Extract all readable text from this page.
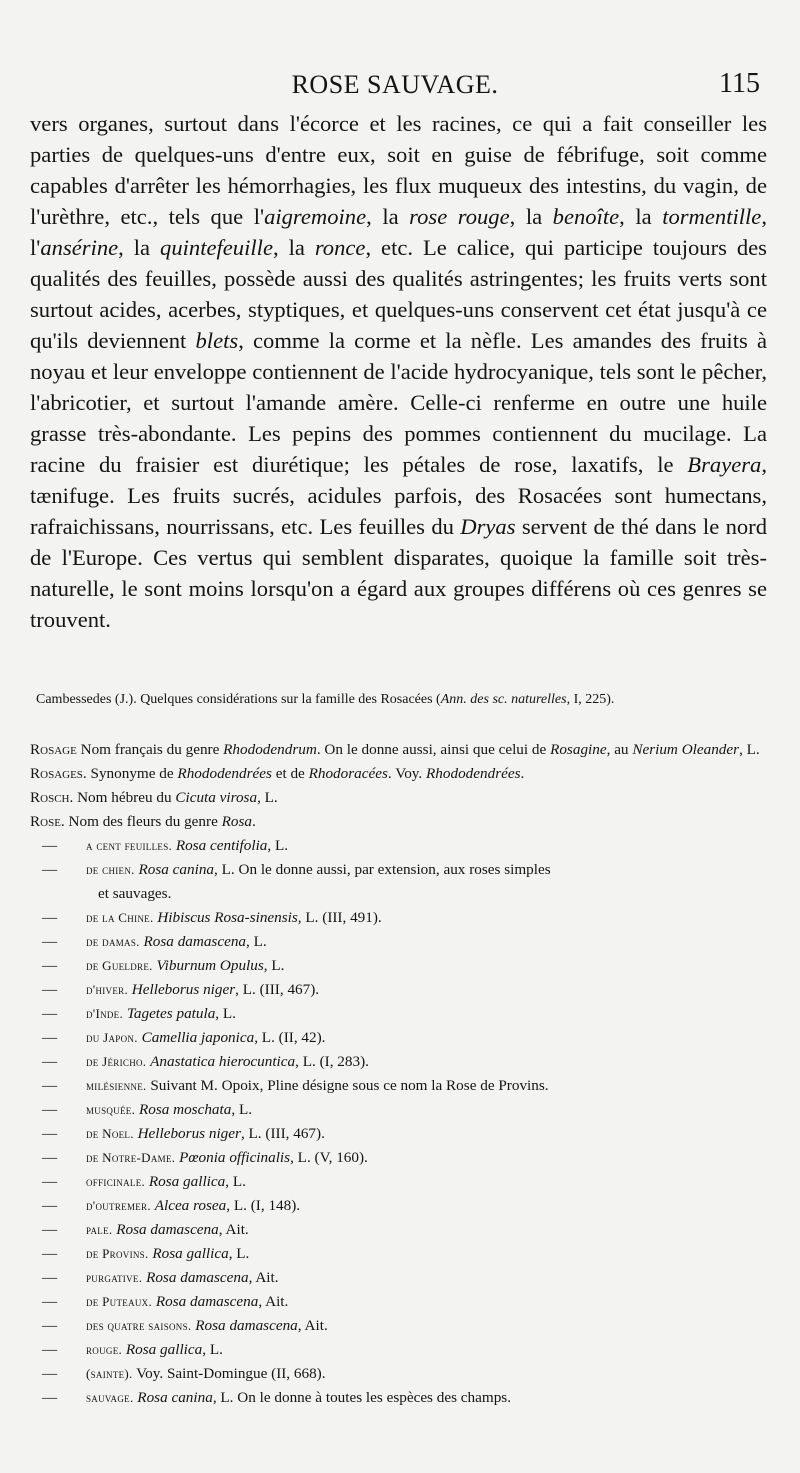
ROSE SAUVAGE.	115

vers organes, surtout dans l'écorce et les racines, ce qui a fait conseiller les parties de quelques-uns d'entre eux, soit en guise de fébrifuge, soit comme capables d'arrêter les hémorrhagies, les flux muqueux des intestins, du vagin, de l'urèthre, etc., tels que l'aigremoine, la rose rouge, la benoîte, la tormentille, l'ansérine, la quintefeuille, la ronce, etc. Le calice, qui participe toujours des qualités des feuilles, possède aussi des qualités astringentes; les fruits verts sont surtout acides, acerbes, styptiques, et quelques-uns conservent cet état jusqu'à ce qu'ils deviennent blets, comme la corme et la nèfle. Les amandes des fruits à noyau et leur enveloppe contiennent de l'acide hydrocyanique, tels sont le pêcher, l'abricotier, et surtout l'amande amère. Celle-ci renferme en outre une huile grasse très-abondante. Les pepins des pommes contiennent du mucilage. La racine du fraisier est diurétique; les pétales de rose, laxatifs, le Brayera, tænifuge. Les fruits sucrés, acidules parfois, des Rosacées sont humectans, rafraichissans, nourrissans, etc. Les feuilles du Dryas servent de thé dans le nord de l'Europe. Ces vertus qui semblent disparates, quoique la famille soit très-naturelle, le sont moins lorsqu'on a égard aux groupes différens où ces genres se trouvent.

Cambessedes (J.). Quelques considérations sur la famille des Rosacées (Ann. des sc. naturelles, I, 225).
Rosage Nom français du genre Rhododendrum. On le donne aussi, ainsi que celui de Rosagine, au Nerium Oleander, L.
Rosages. Synonyme de Rhododendrées et de Rhodoracées. Voy. Rhododendrées.
Rosch. Nom hébreu du Cicuta virosa, L.
Rose. Nom des fleurs du genre Rosa.
— a cent feuilles. Rosa centifolia, L.
— de chien. Rosa canina, L. On le donne aussi, par extension, aux roses simples
et sauvages.
— de la Chine. Hibiscus Rosa-sinensis, L. (III, 491).
— de damas. Rosa damascena, L.
— de Gueldre. Viburnum Opulus, L.
— d'hiver. Helleborus niger, L. (III, 467).
— d'Inde. Tagetes patula, L.
— du Japon. Camellia japonica, L. (II, 42).
— de Jéricho. Anastatica hierocuntica, L. (I, 283).
— milésienne. Suivant M. Opoix, Pline désigne sous ce nom la Rose de Provins.
— musquée. Rosa moschata, L.
— de Noel. Helleborus niger, L. (III, 467).
— de Notre-Dame. Pœonia officinalis, L. (V, 160).
— officinale. Rosa gallica, L.
— d'outremer. Alcea rosea, L. (I, 148).
— pale. Rosa damascena, Ait.
— de Provins. Rosa gallica, L.
— purgative. Rosa damascena, Ait.
— de Puteaux. Rosa damascena, Ait.
— des quatre saisons. Rosa damascena, Ait.
— rouge. Rosa gallica, L.
— (sainte). Voy. Saint-Domingue (II, 668).
— sauvage. Rosa canina, L. On le donne à toutes les espèces des champs.
